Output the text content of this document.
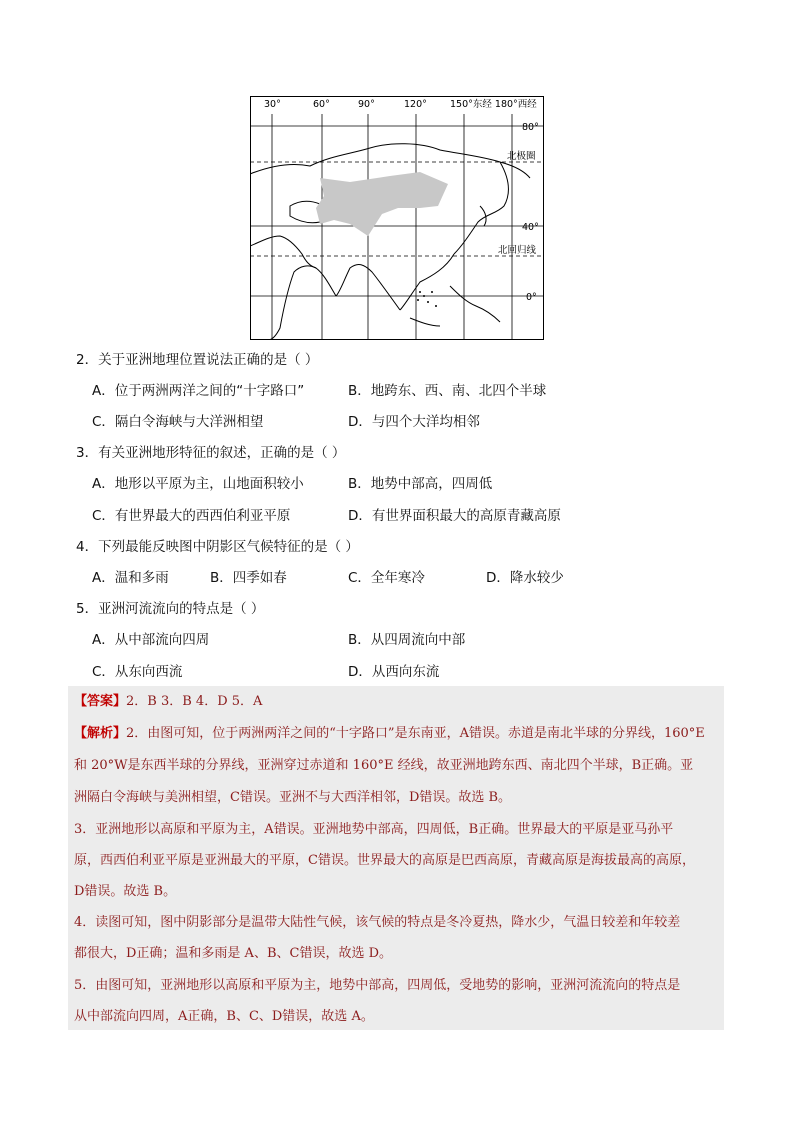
30°	60°	90°	120° 150°东经 180°西经
80°
40°
0°
北极圈
北回归线
2．关于亚洲地理位置说法正确的是（ ）
A．位于两洲两洋之间的“十字路口”	B．地跨东、西、南、北四个半球
C．隔白令海峡与大洋洲相望	D．与四个大洋均相邻
3．有关亚洲地形特征的叙述，正确的是（ ）
A．地形以平原为主，山地面积较小	B．地势中部高，四周低
C．有世界最大的西西伯利亚平原	D．有世界面积最大的高原青藏高原
4．下列最能反映图中阴影区气候特征的是（ ）
A．温和多雨	B．四季如春	C．全年寒冷	D．降水较少
5．亚洲河流流向的特点是（ ）
A．从中部流向四周	B．从四周流向中部
C．从东向西流	D．从西向东流
【答案】2．B 3．B 4．D 5．A
【解析】2．由图可知，位于两洲两洋之间的“十字路口”是东南亚，A错误。赤道是南北半球的分界线，160°E
和 20°W是东西半球的分界线，亚洲穿过赤道和 160°E 经线，故亚洲地跨东西、南北四个半球，B正确。亚
洲隔白令海峡与美洲相望，C错误。亚洲不与大西洋相邻，D错误。故选 B。
3．亚洲地形以高原和平原为主，A错误。亚洲地势中部高，四周低，B正确。世界最大的平原是亚马孙平
原，西西伯利亚平原是亚洲最大的平原，C错误。世界最大的高原是巴西高原，青藏高原是海拔最高的高原，
D错误。故选 B。
4．读图可知，图中阴影部分是温带大陆性气候，该气候的特点是冬冷夏热，降水少，气温日较差和年较差
都很大，D正确；温和多雨是 A、B、C错误，故选 D。
5．由图可知，亚洲地形以高原和平原为主，地势中部高，四周低，受地势的影响，亚洲河流流向的特点是
从中部流向四周，A正确，B、C、D错误，故选 A。
